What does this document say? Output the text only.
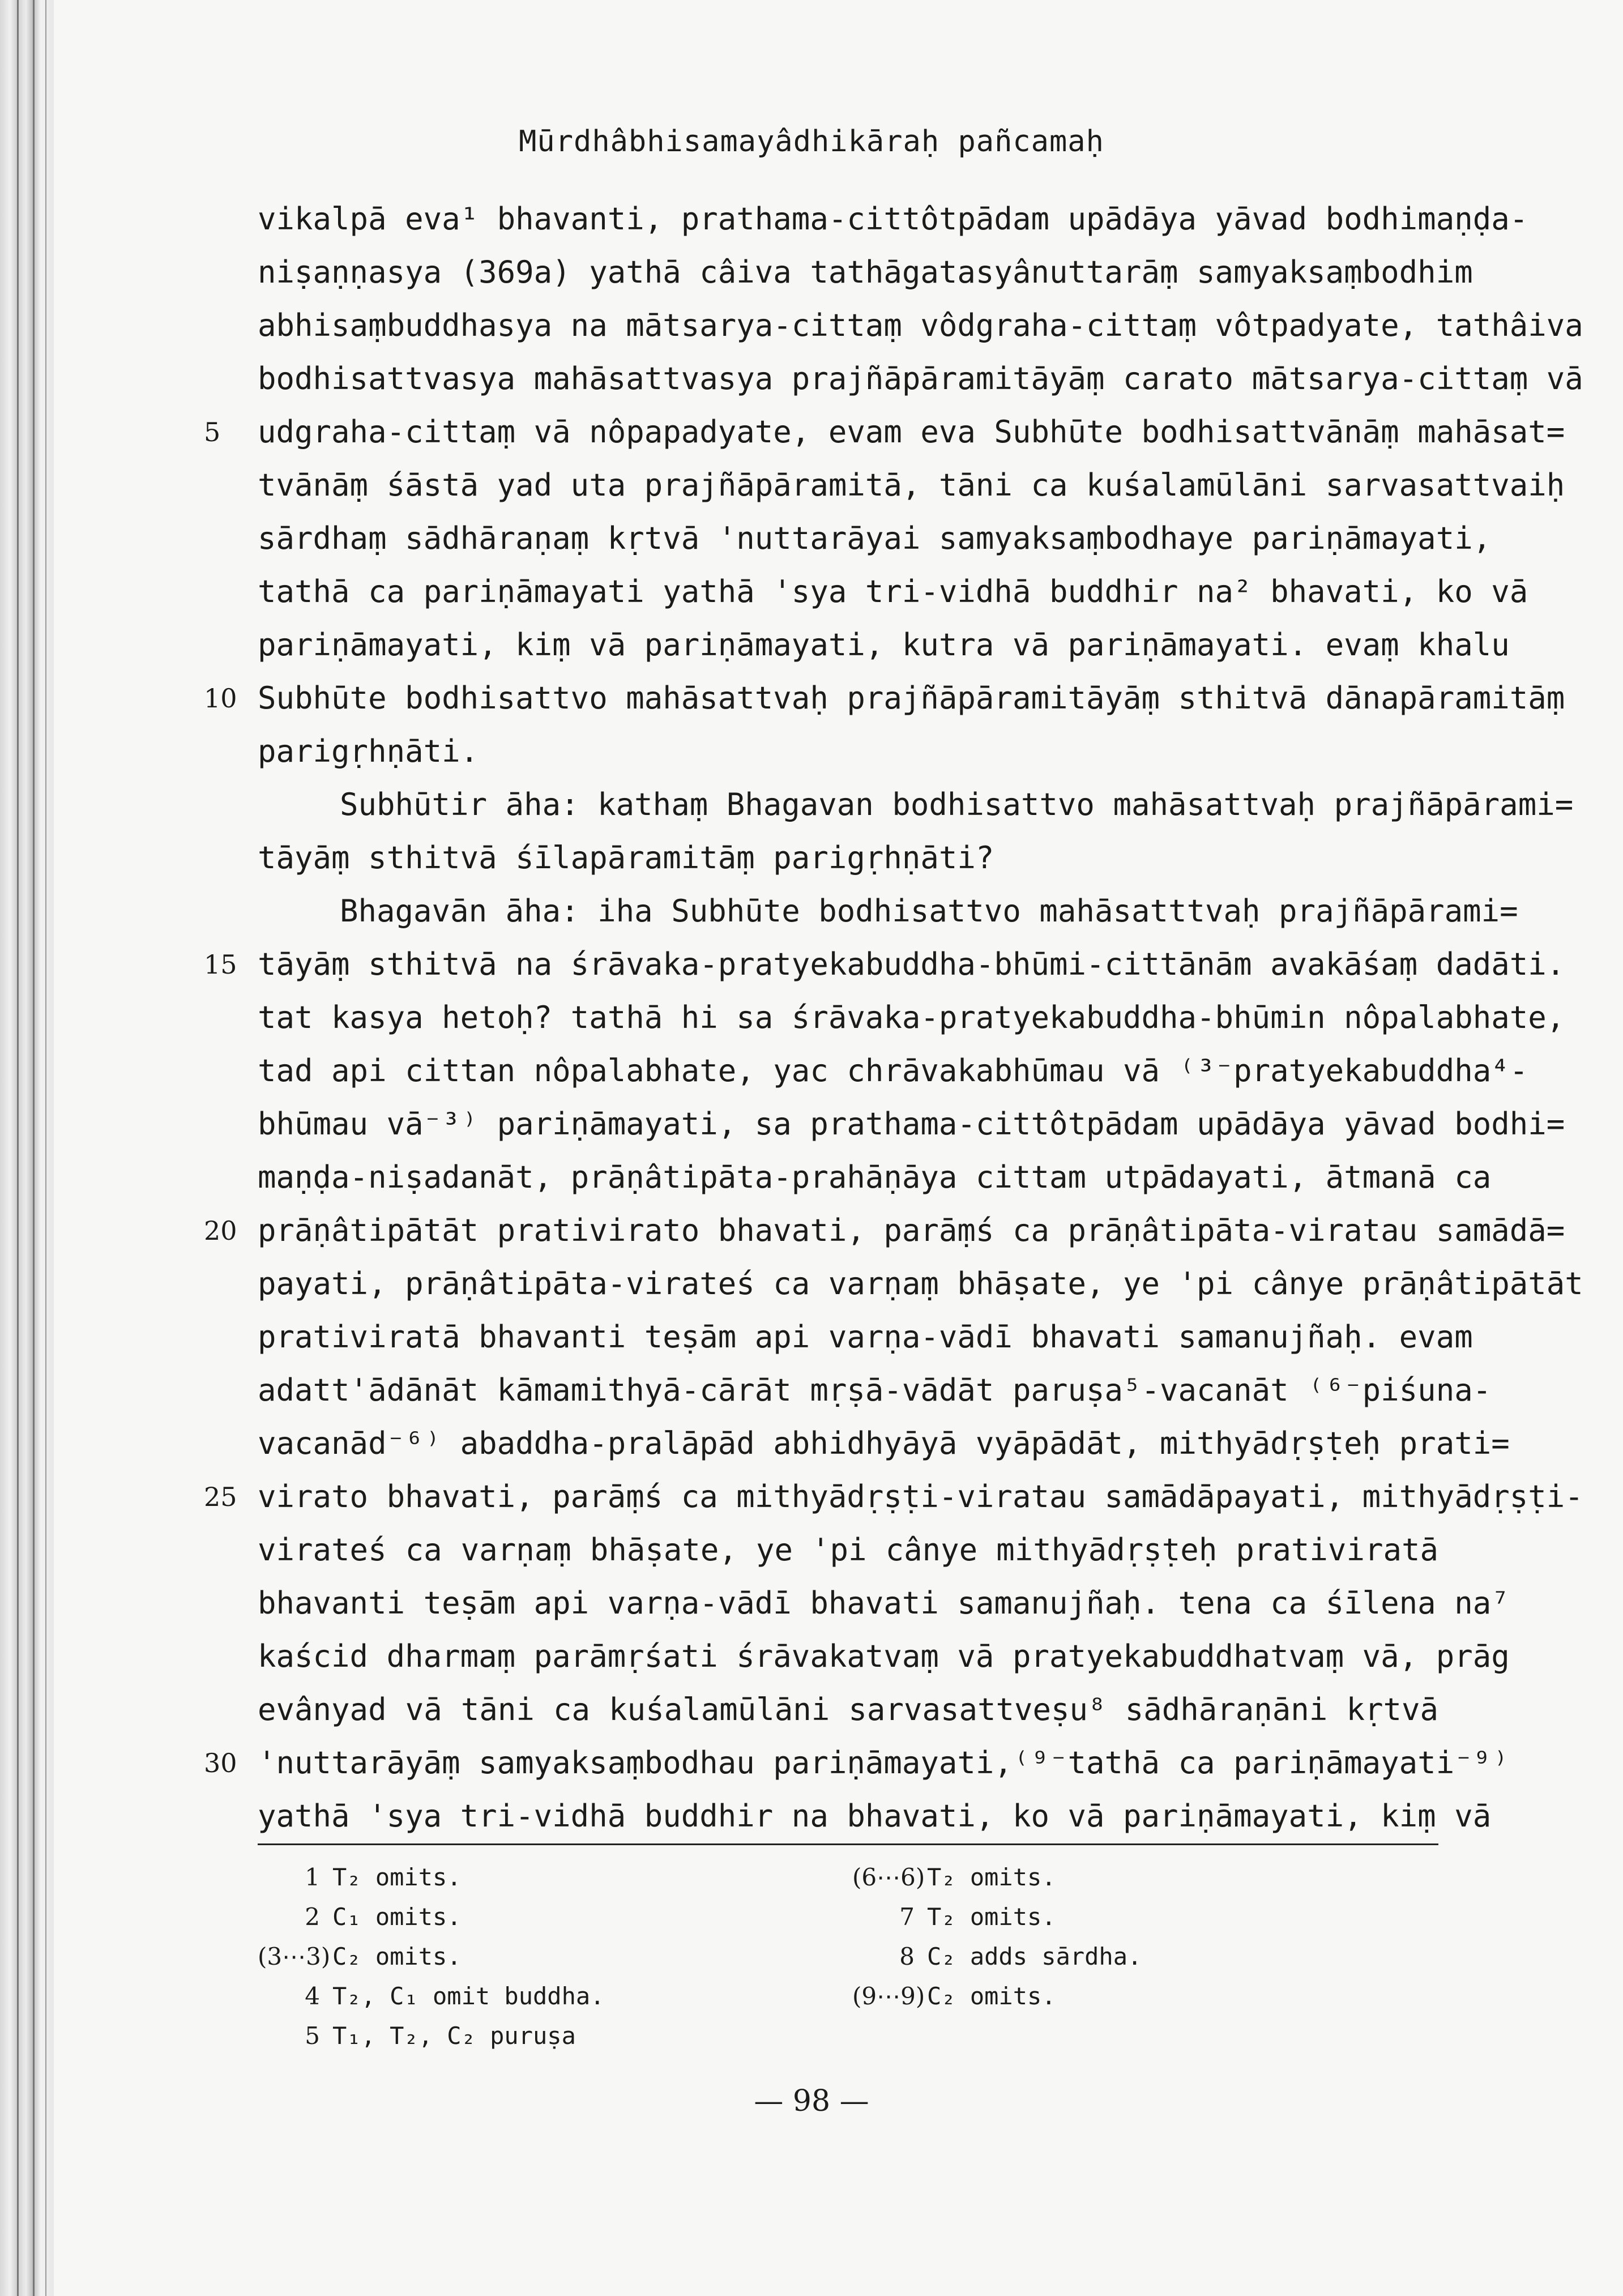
Mūrdhâbhisamayâdhikāraḥ pañcamaḥ
vikalpā eva¹ bhavanti, prathama-cittôtpādam upādāya yāvad bodhimaṇḍa-
niṣaṇṇasya (369a) yathā câiva tathāgatasyânuttarāṃ samyaksaṃbodhim
abhisaṃbuddhasya na mātsarya-cittaṃ vôdgraha-cittaṃ vôtpadyate, tathâiva
bodhisattvasya mahāsattvasya prajñāpāramitāyāṃ carato mātsarya-cittaṃ vā
udgraha-cittaṃ vā nôpapadyate, evam eva Subhūte bodhisattvānāṃ mahāsat=
tvānāṃ śāstā yad uta prajñāpāramitā, tāni ca kuśalamūlāni sarvasattvaiḥ
sārdhaṃ sādhāraṇaṃ kṛtvā 'nuttarāyai samyaksaṃbodhaye pariṇāmayati,
tathā ca pariṇāmayati yathā 'sya tri-vidhā buddhir na² bhavati, ko vā
pariṇāmayati, kiṃ vā pariṇāmayati, kutra vā pariṇāmayati. evaṃ khalu
Subhūte bodhisattvo mahāsattvaḥ prajñāpāramitāyāṃ sthitvā dānapāramitāṃ
parigṛhṇāti.
Subhūtir āha: kathaṃ Bhagavan bodhisattvo mahāsattvaḥ prajñāpārami=
tāyāṃ sthitvā śīlapāramitāṃ parigṛhṇāti?
Bhagavān āha: iha Subhūte bodhisattvo mahāsatttvaḥ prajñāpārami=
tāyāṃ sthitvā na śrāvaka-pratyekabuddha-bhūmi-cittānām avakāśaṃ dadāti.
tat kasya hetoḥ? tathā hi sa śrāvaka-pratyekabuddha-bhūmin nôpalabhate,
tad api cittan nôpalabhate, yac chrāvakabhūmau vā ⁽³⁻pratyekabuddha⁴-
bhūmau vā⁻³⁾ pariṇāmayati, sa prathama-cittôtpādam upādāya yāvad bodhi=
maṇḍa-niṣadanāt, prāṇâtipāta-prahāṇāya cittam utpādayati, ātmanā ca
prāṇâtipātāt prativirato bhavati, parāṃś ca prāṇâtipāta-viratau samādā=
payati, prāṇâtipāta-virateś ca varṇaṃ bhāṣate, ye 'pi cânye prāṇâtipātāt
prativiratā bhavanti teṣām api varṇa-vādī bhavati samanujñaḥ. evam
adatt'ādānāt kāmamithyā-cārāt mṛṣā-vādāt paruṣa⁵-vacanāt ⁽⁶⁻piśuna-
vacanād⁻⁶⁾ abaddha-pralāpād abhidhyāyā vyāpādāt, mithyādṛṣṭeḥ prati=
virato bhavati, parāṃś ca mithyādṛṣṭi-viratau samādāpayati, mithyādṛṣṭi-
virateś ca varṇaṃ bhāṣate, ye 'pi cânye mithyādṛṣṭeḥ prativiratā
bhavanti teṣām api varṇa-vādī bhavati samanujñaḥ. tena ca śīlena na⁷
kaścid dharmaṃ parāmṛśati śrāvakatvaṃ vā pratyekabuddhatvaṃ vā, prāg
evânyad vā tāni ca kuśalamūlāni sarvasattveṣu⁸ sādhāraṇāni kṛtvā
'nuttarāyāṃ samyaksaṃbodhau pariṇāmayati,⁽⁹⁻tathā ca pariṇāmayati⁻⁹⁾
yathā 'sya tri-vidhā buddhir na bhavati, ko vā pariṇāmayati, kiṃ vā
5
10
15
20
25
30
1 T₂ omits.
2 C₁ omits.
(3⋯3)C₂ omits.
4 T₂, C₁ omit buddha.
5 T₁, T₂, C₂ puruṣa
(6⋯6)T₂ omits.
7 T₂ omits.
8 C₂ adds sārdha.
(9⋯9)C₂ omits.
— 98 —
